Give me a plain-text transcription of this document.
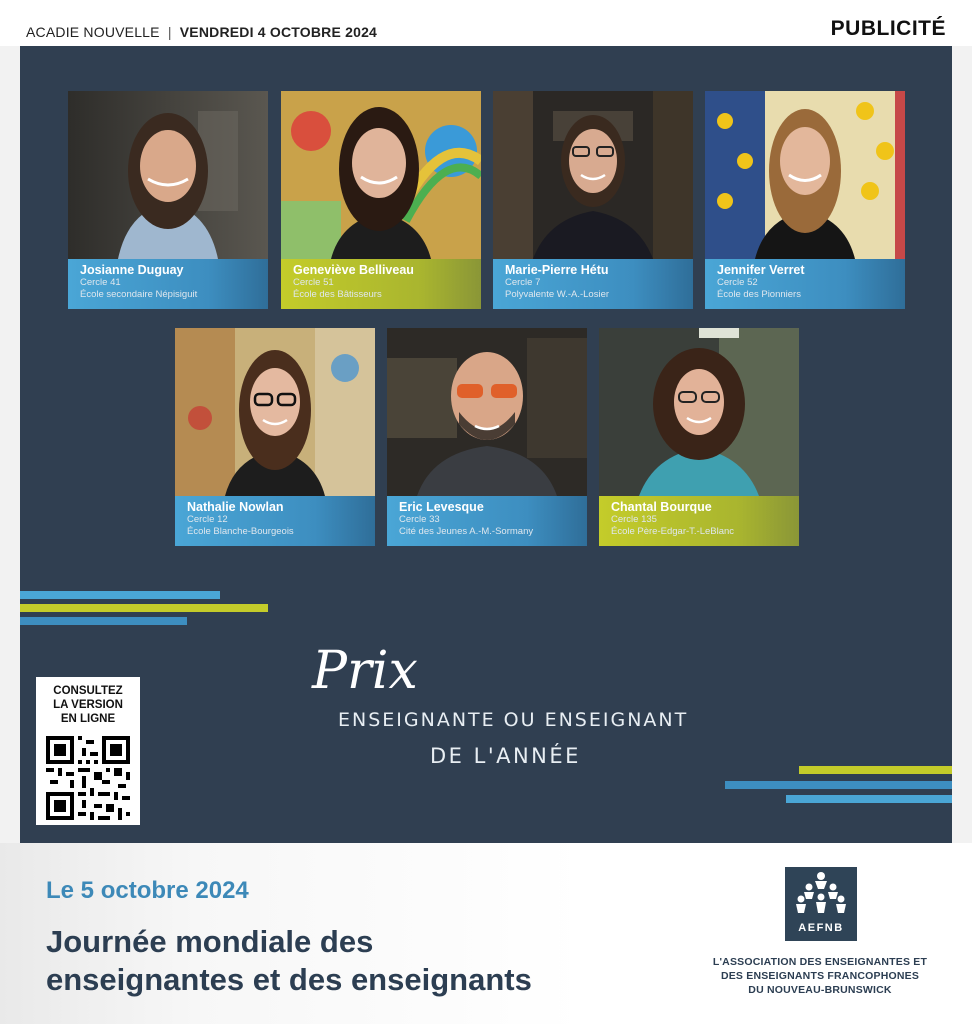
ACADIE NOUVELLE | VENDREDI 4 OCTOBRE 2024	PUBLICITÉ
Josianne Duguay
Cercle 41
École secondaire Népisiguit
Geneviève Belliveau
Cercle 51
École des Bâtisseurs
Marie-Pierre Hétu
Cercle 7
Polyvalente W.-A.-Losier
Jennifer Verret
Cercle 52
École des Pionniers
Nathalie Nowlan
Cercle 12
École Blanche-Bourgeois
Eric Levesque
Cercle 33
Cité des Jeunes A.-M.-Sormany
Chantal Bourque
Cercle 135
École Père-Edgar-T.-LeBlanc
Prix
ENSEIGNANTE OU ENSEIGNANT
DE L'ANNÉE
CONSULTEZ
LA VERSION
EN LIGNE
Le 5 octobre 2024
Journée mondiale des
enseignantes et des enseignants
AEFNB
L'ASSOCIATION DES ENSEIGNANTES ET
DES ENSEIGNANTS FRANCOPHONES
DU NOUVEAU-BRUNSWICK
